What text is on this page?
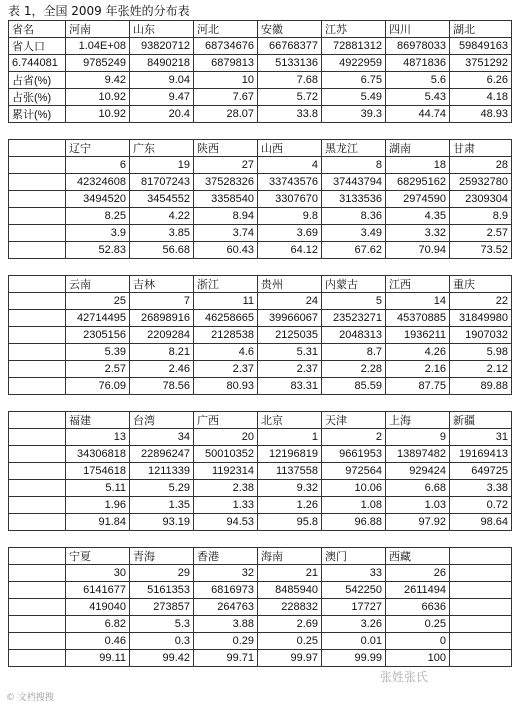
表 1，全国 2009 年张姓的分布表
省名	河南	山东	河北	安徽	江苏	四川	湖北
省人口	1.04E+08	93820712	68734676	66768377	72881312	86978033	59849163
6.744081	9785249	8490218	6879813	5133136	4922959	4871836	3751292
占省(%)	9.42	9.04	10	7.68	6.75	5.6	6.26
占张(%)	10.92	9.47	7.67	5.72	5.49	5.43	4.18
累计(%)	10.92	20.4	28.07	33.8	39.3	44.74	48.93

	辽宁	广东	陕西	山西	黑龙江	湖南	甘肃
	6	19	27	4	8	18	28
	42324608	81707243	37528326	33743576	37443794	68295162	25932780
	3494520	3454552	3358540	3307670	3133536	2974590	2309304
	8.25	4.22	8.94	9.8	8.36	4.35	8.9
	3.9	3.85	3.74	3.69	3.49	3.32	2.57
	52.83	56.68	60.43	64.12	67.62	70.94	73.52

	云南	吉林	浙江	贵州	内蒙古	江西	重庆
	25	7	11	24	5	14	22
	42714495	26898916	46258665	39966067	23523271	45370885	31849980
	2305156	2209284	2128538	2125035	2048313	1936211	1907032
	5.39	8.21	4.6	5.31	8.7	4.26	5.98
	2.57	2.46	2.37	2.37	2.28	2.16	2.12
	76.09	78.56	80.93	83.31	85.59	87.75	89.88

	福建	台湾	广西	北京	天津	上海	新疆
	13	34	20	1	2	9	31
	34306818	22896247	50010352	12196819	9661953	13897482	19169413
	1754618	1211339	1192314	1137558	972564	929424	649725
	5.11	5.29	2.38	9.32	10.06	6.68	3.38
	1.96	1.35	1.33	1.26	1.08	1.03	0.72
	91.84	93.19	94.53	95.8	96.88	97.92	98.64

	宁夏	青海	香港	海南	澳门	西藏	
	30	29	32	21	33	26	
	6141677	5161353	6816973	8485940	542250	2611494	
	419040	273857	264763	228832	17727	6636	
	6.82	5.3	3.88	2.69	3.26	0.25	
	0.46	0.3	0.29	0.25	0.01	0	
	99.11	99.42	99.71	99.97	99.99	100	
© 文档搜搜
张姓张氏
